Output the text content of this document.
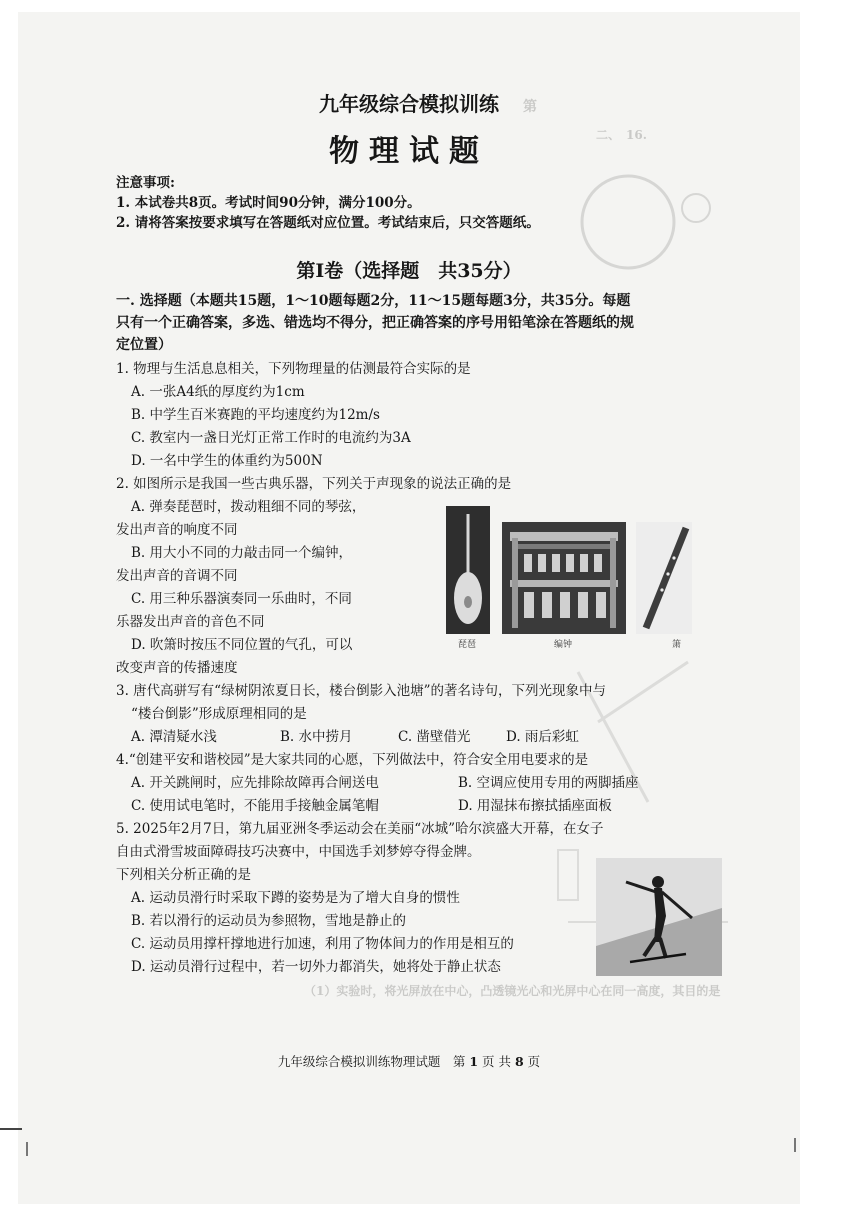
第
二、　16.
九年级综合模拟训练
物理试题
注意事项:
1. 本试卷共8页。考试时间90分钟，满分100分。
2. 请将答案按要求填写在答题纸对应位置。考试结束后，只交答题纸。
第I卷（选择题　共35分）
一. 选择题（本题共15题，1～10题每题2分，11～15题每题3分，共35分。每题
只有一个正确答案，多选、错选均不得分，把正确答案的序号用铅笔涂在答题纸的规
定位置）
1. 物理与生活息息相关，下列物理量的估测最符合实际的是
A. 一张A4纸的厚度约为1cm
B. 中学生百米赛跑的平均速度约为12m/s
C. 教室内一盏日光灯正常工作时的电流约为3A
D. 一名中学生的体重约为500N
2. 如图所示是我国一些古典乐器，下列关于声现象的说法正确的是
A. 弹奏琵琶时，拨动粗细不同的琴弦，
发出声音的响度不同
B. 用大小不同的力敲击同一个编钟，
发出声音的音调不同
C. 用三种乐器演奏同一乐曲时，不同
乐器发出声音的音色不同
D. 吹箫时按压不同位置的气孔，可以
改变声音的传播速度
琵琶	编钟	箫
3. 唐代高骈写有“绿树阴浓夏日长，楼台倒影入池塘”的著名诗句，下列光现象中与
“楼台倒影”形成原理相同的是
A. 潭清疑水浅	B. 水中捞月	C. 凿壁借光	D. 雨后彩虹
4.“创建平安和谐校园”是大家共同的心愿，下列做法中，符合安全用电要求的是
A. 开关跳闸时，应先排除故障再合闸送电	B. 空调应使用专用的两脚插座
C. 使用试电笔时，不能用手接触金属笔帽	D. 用湿抹布擦拭插座面板
5. 2025年2月7日，第九届亚洲冬季运动会在美丽“冰城”哈尔滨盛大开幕，在女子
自由式滑雪坡面障碍技巧决赛中，中国选手刘梦婷夺得金牌。
下列相关分析正确的是
A. 运动员滑行时采取下蹲的姿势是为了增大自身的惯性
B. 若以滑行的运动员为参照物，雪地是静止的
C. 运动员用撑杆撑地进行加速，利用了物体间力的作用是相互的
D. 运动员滑行过程中，若一切外力都消失，她将处于静止状态
（1）实验时，将光屏放在中心，凸透镜光心和光屏中心在同一高度，其目的是
九年级综合模拟训练物理试题　第 1 页 共 8 页
